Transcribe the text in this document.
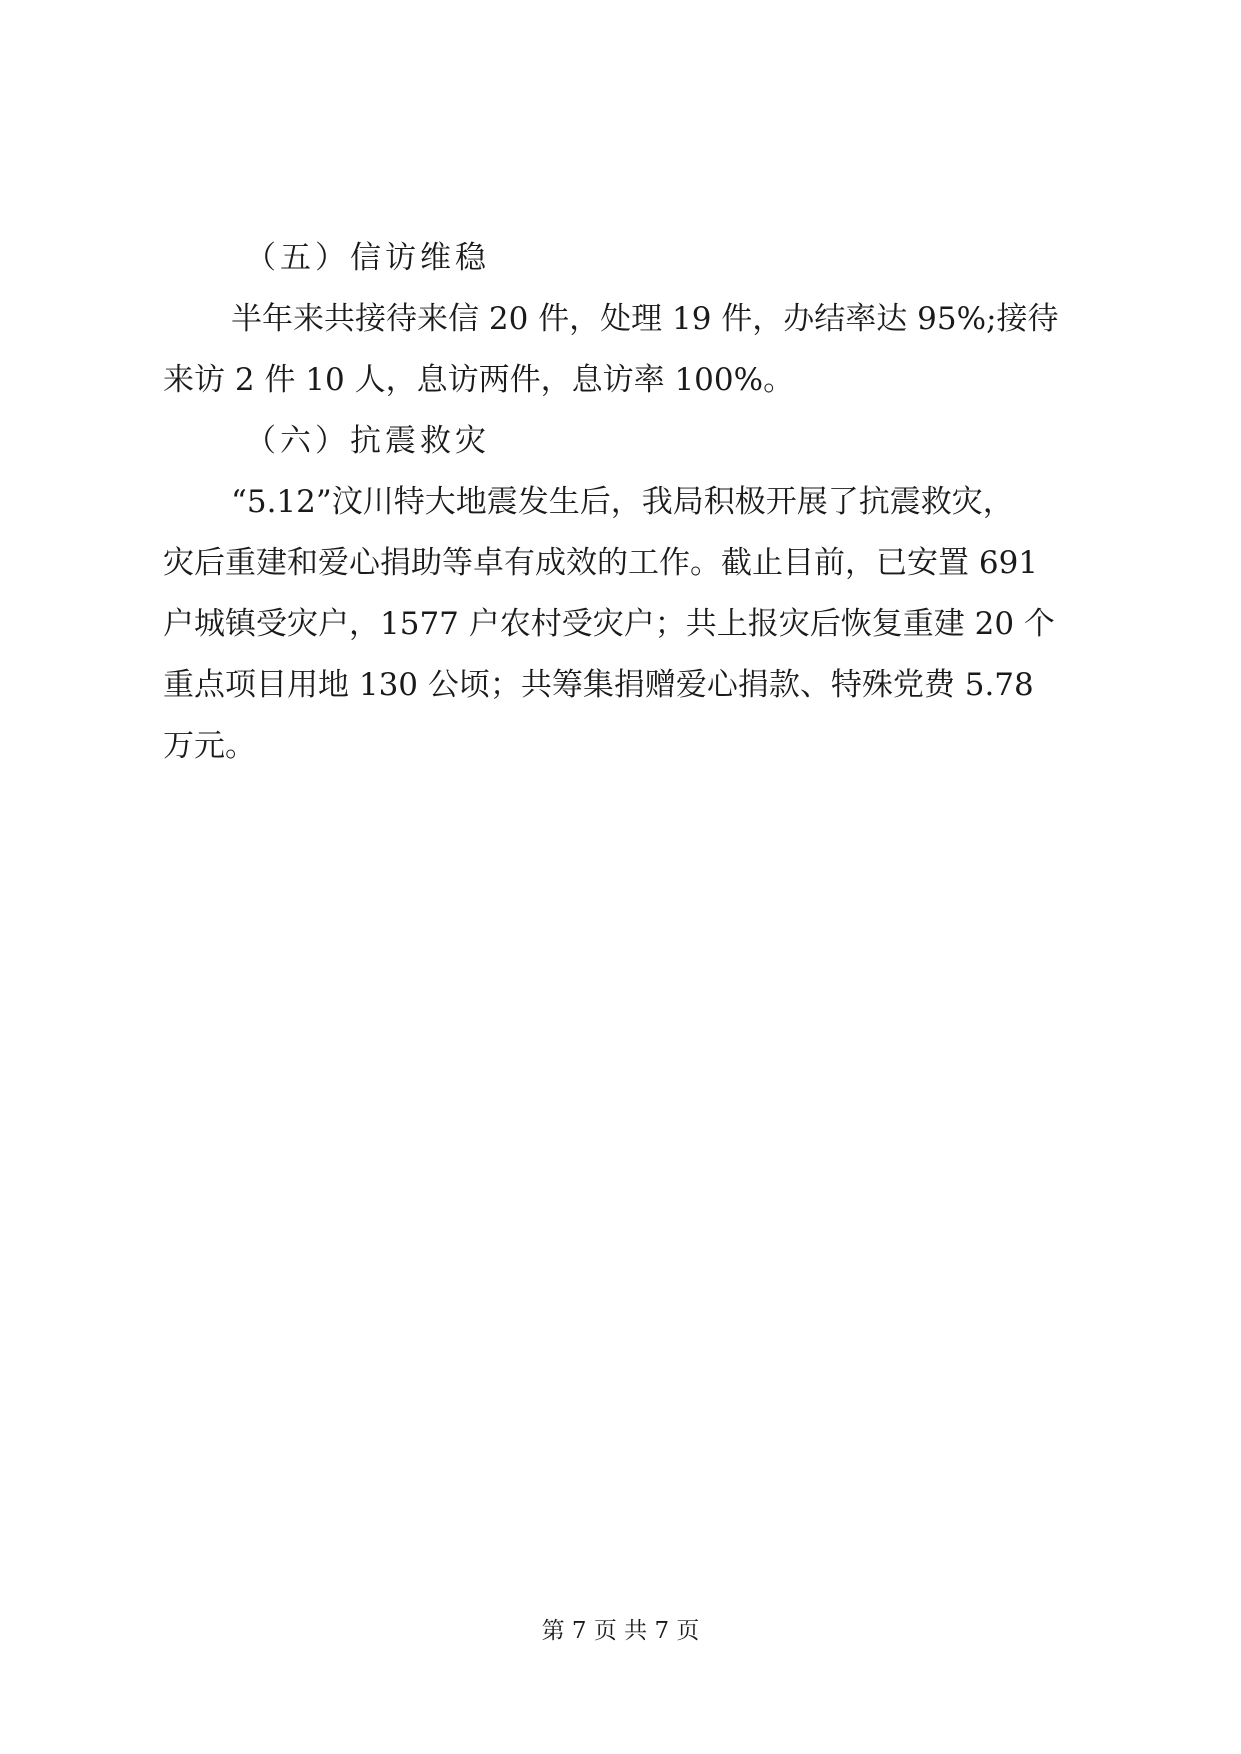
（五）信访维稳

半年来共接待来信 20 件，处理 19 件，办结率达 95%;接待
来访 2 件 10 人，息访两件，息访率 100%。

（六）抗震救灾

“5.12”汶川特大地震发生后，我局积极开展了抗震救灾，
灾后重建和爱心捐助等卓有成效的工作。截止目前，已安置 691
户城镇受灾户，1577 户农村受灾户；共上报灾后恢复重建 20 个
重点项目用地 130 公顷；共筹集捐赠爱心捐款、特殊党费 5.78
万元。
第 7 页 共 7 页
